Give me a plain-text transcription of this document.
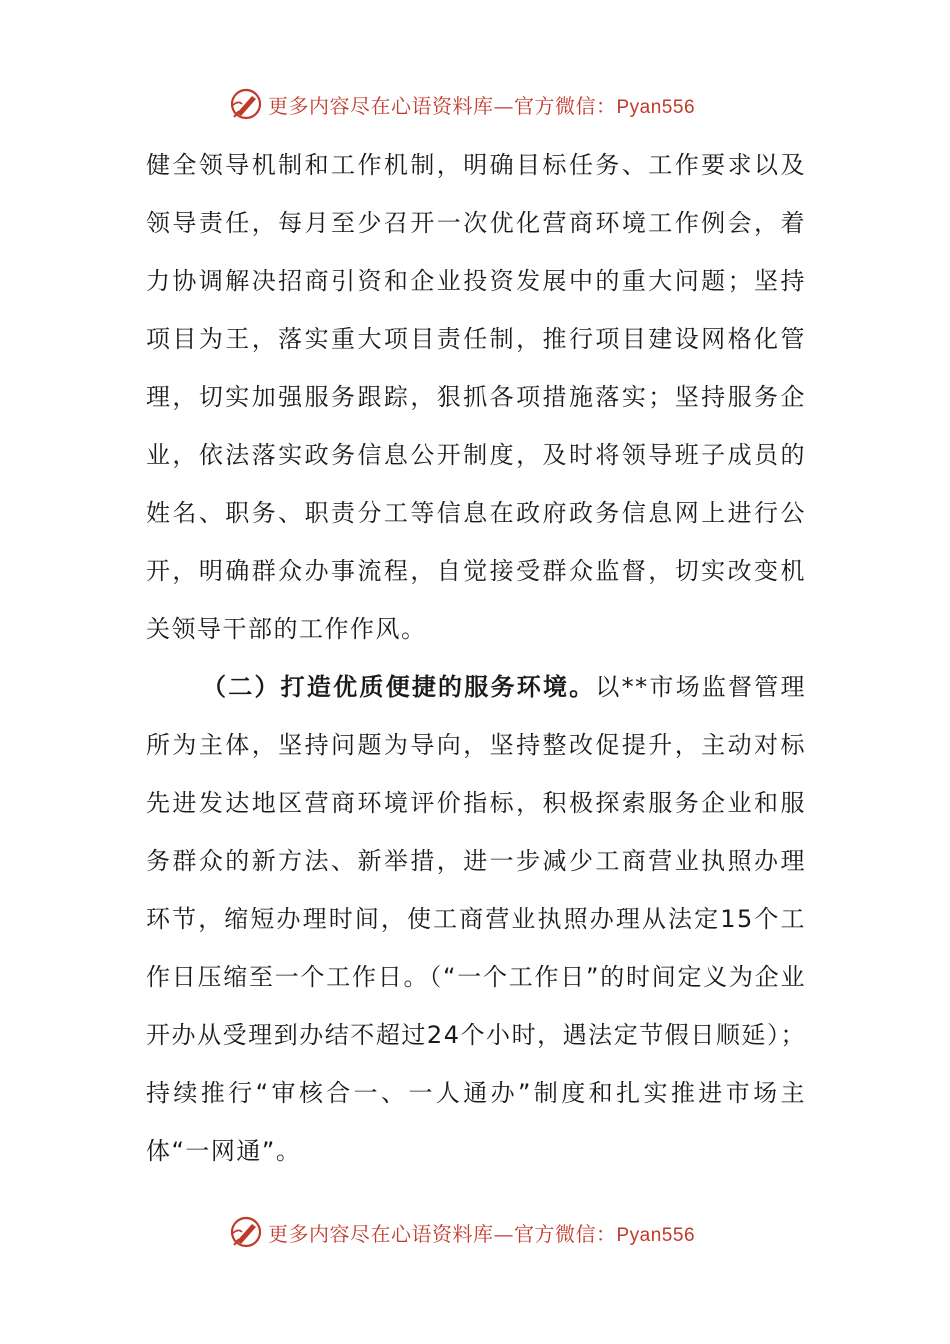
更多内容尽在心语资料库—官方微信：Pyan556

健全领导机制和工作机制，明确目标任务、工作要求以及领导责任，每月至少召开一次优化营商环境工作例会，着力协调解决招商引资和企业投资发展中的重大问题；坚持项目为王，落实重大项目责任制，推行项目建设网格化管理，切实加强服务跟踪，狠抓各项措施落实；坚持服务企业，依法落实政务信息公开制度，及时将领导班子成员的姓名、职务、职责分工等信息在政府政务信息网上进行公开，明确群众办事流程，自觉接受群众监督，切实改变机关领导干部的工作作风。

（二）打造优质便捷的服务环境。以**市场监督管理所为主体，坚持问题为导向，坚持整改促提升，主动对标先进发达地区营商环境评价指标，积极探索服务企业和服务群众的新方法、新举措，进一步减少工商营业执照办理环节，缩短办理时间，使工商营业执照办理从法定15个工作日压缩至一个工作日。（“一个工作日”的时间定义为企业开办从受理到办结不超过24个小时，遇法定节假日顺延）；持续推行“审核合一、一人通办”制度和扎实推进市场主体“一网通”。

更多内容尽在心语资料库—官方微信：Pyan556
